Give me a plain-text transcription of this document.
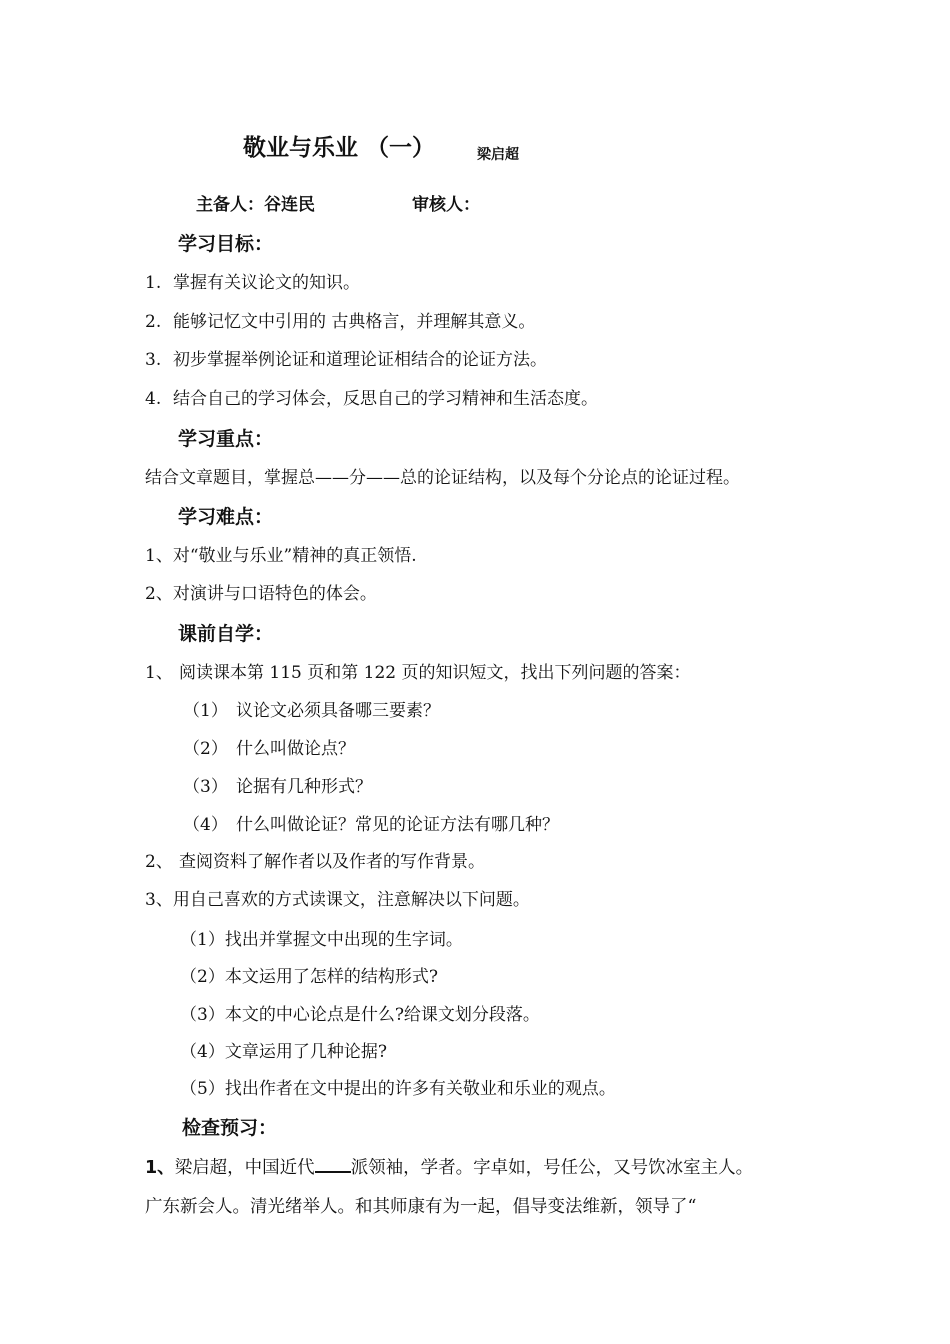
敬业与乐业 （一）	梁启超
主备人：谷连民	审核人：
学习目标：
1. 掌握有关议论文的知识。
2. 能够记忆文中引用的 古典格言，并理解其意义。
3. 初步掌握举例论证和道理论证相结合的论证方法。
4. 结合自己的学习体会，反思自己的学习精神和生活态度。
学习重点：
结合文章题目，掌握总——分——总的论证结构，以及每个分论点的论证过程。
学习难点：
1、对“敬业与乐业”精神的真正领悟.
2、对演讲与口语特色的体会。
课前自学：
1、 阅读课本第 115 页和第 122 页的知识短文，找出下列问题的答案：
（1） 议论文必须具备哪三要素？
（2） 什么叫做论点？
（3） 论据有几种形式？
（4） 什么叫做论证？常见的论证方法有哪几种？
2、 查阅资料了解作者以及作者的写作背景。
3、用自己喜欢的方式读课文，注意解决以下问题。
（1）找出并掌握文中出现的生字词。
（2）本文运用了怎样的结构形式?
（3）本文的中心论点是什么?给课文划分段落。
（4）文章运用了几种论据?
（5）找出作者在文中提出的许多有关敬业和乐业的观点。
检查预习：
1、梁启超，中国近代 派领袖，学者。字卓如，号任公，又号饮冰室主人。
广东新会人。清光绪举人。和其师康有为一起，倡导变法维新，领导了“
